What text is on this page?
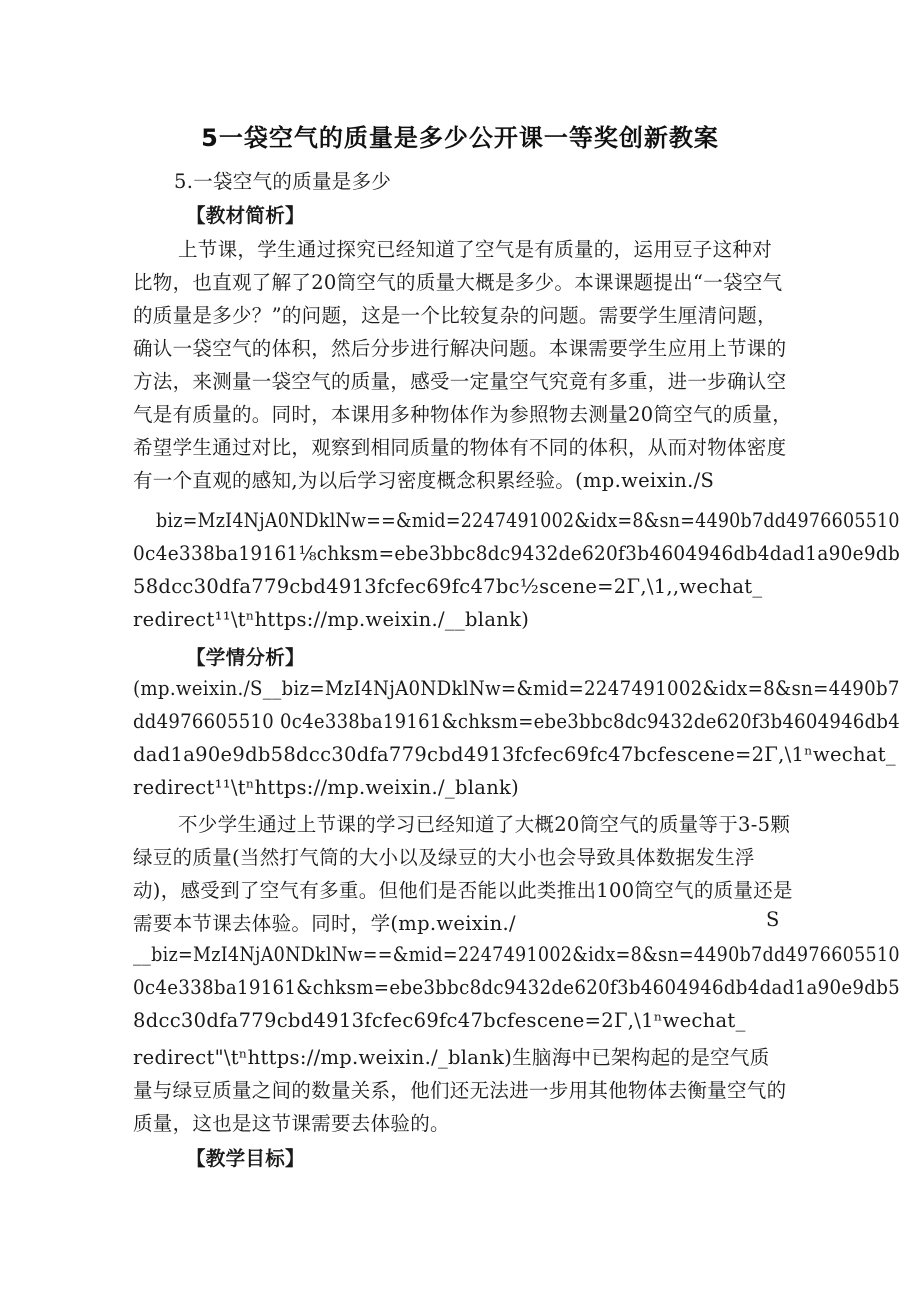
5一袋空气的质量是多少公开课一等奖创新教案
5.一袋空气的质量是多少
【教材简析】
上节课，学生通过探究已经知道了空气是有质量的，运用豆子这种对
比物，也直观了解了20筒空气的质量大概是多少。本课课题提出“一袋空气
的质量是多少？”的问题，这是一个比较复杂的问题。需要学生厘清问题，
确认一袋空气的体积，然后分步进行解决问题。本课需要学生应用上节课的
方法，来测量一袋空气的质量，感受一定量空气究竟有多重，进一步确认空
气是有质量的。同时，本课用多种物体作为参照物去测量20筒空气的质量，
希望学生通过对比，观察到相同质量的物体有不同的体积，从而对物体密度
有一个直观的感知,为以后学习密度概念积累经验。(mp.weixin./S
biz=MzI4NjA0NDklNw==&mid=2247491002&idx=8&sn=4490b7dd4976605510
0c4e338ba19161⅛chksm=ebe3bbc8dc9432de620f3b4604946db4dad1a90e9db
58dcc30dfa779cbd4913fcfec69fc47bc½scene=2Γ,\1,,wechat_
redirect¹¹\tⁿhttps://mp.weixin./__blank)
【学情分析】
(mp.weixin./S__biz=MzI4NjA0NDklNw=&mid=2247491002&idx=8&sn=4490b7
dd4976605510 0c4e338ba19161&chksm=ebe3bbc8dc9432de620f3b4604946db4
dad1a90e9db58dcc30dfa779cbd4913fcfec69fc47bcfescene=2Γ,\1ⁿwechat_
redirect¹¹\tⁿhttps://mp.weixin./_blank)
不少学生通过上节课的学习已经知道了大概20筒空气的质量等于3-5颗
绿豆的质量(当然打气筒的大小以及绿豆的大小也会导致具体数据发生浮
动)，感受到了空气有多重。但他们是否能以此类推出100筒空气的质量还是
需要本节课去体验。同时，学(mp.weixin./	S
__biz=MzI4NjA0NDklNw==&mid=2247491002&idx=8&sn=4490b7dd4976605510
0c4e338ba19161&chksm=ebe3bbc8dc9432de620f3b4604946db4dad1a90e9db5
8dcc30dfa779cbd4913fcfec69fc47bcfescene=2Γ,\1ⁿwechat_
redirect"\tⁿhttps://mp.weixin./_blank)生脑海中已架构起的是空气质
量与绿豆质量之间的数量关系，他们还无法进一步用其他物体去衡量空气的
质量，这也是这节课需要去体验的。
【教学目标】
